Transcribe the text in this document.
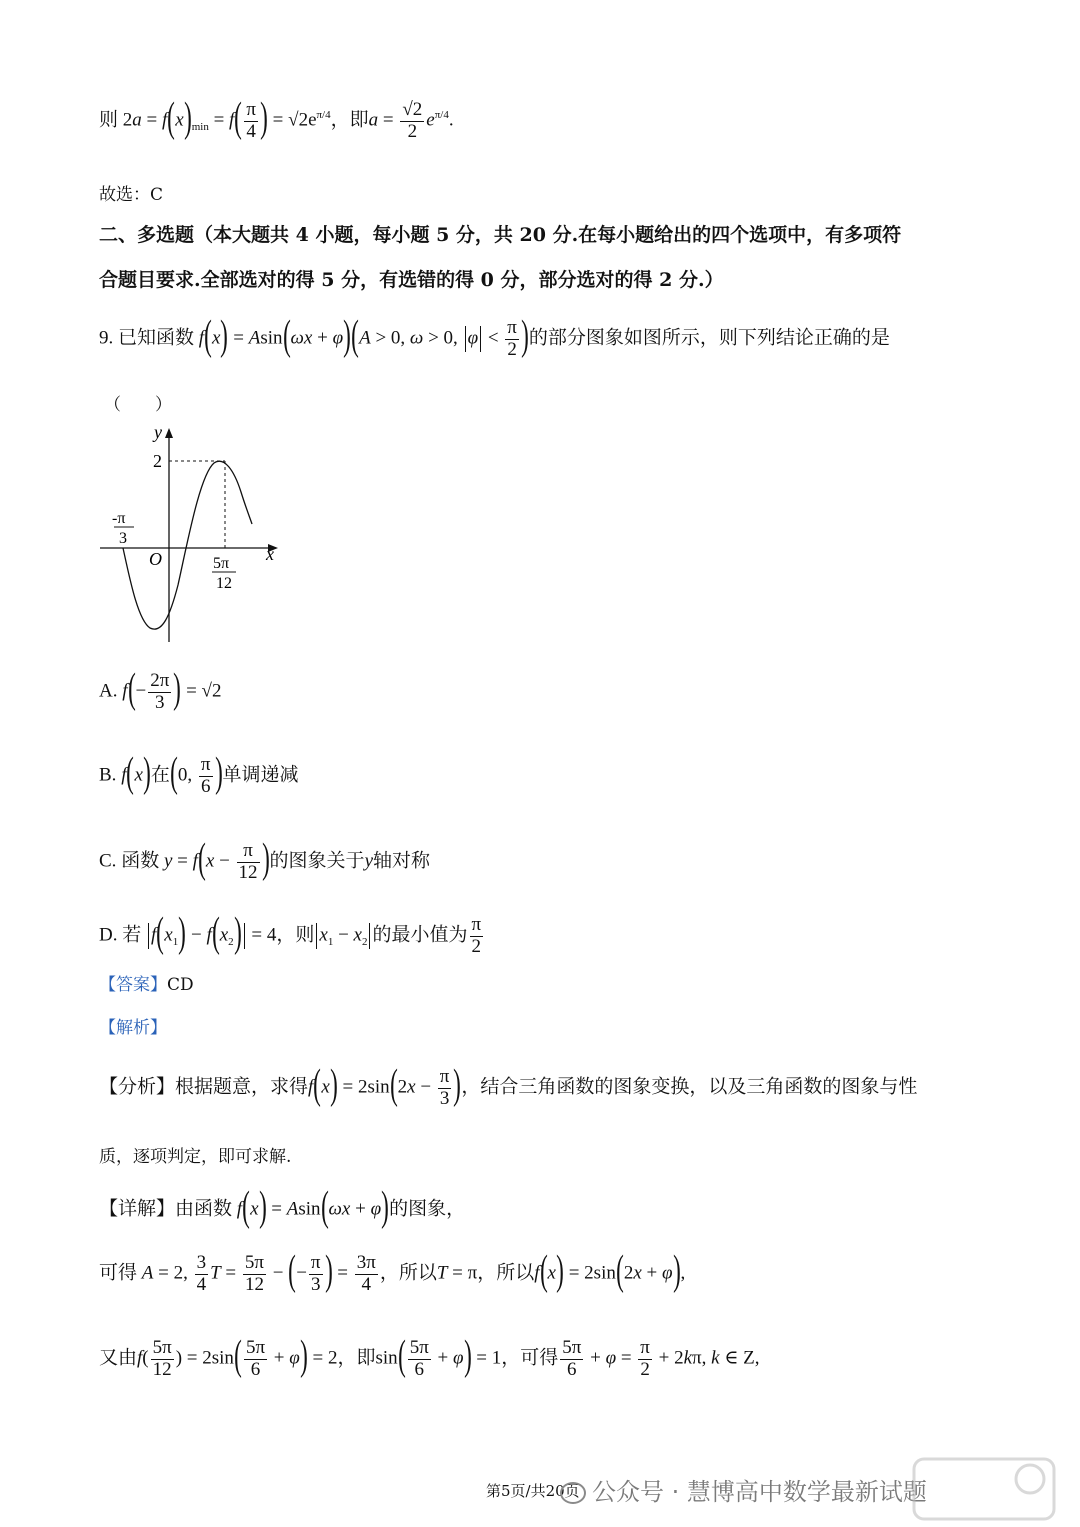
则 $2a = f(x)_{min} = f( \frac{\pi}{4}$ ) = $√2e^{\pi/4}$，即$a = \frac{√2}{2} e^{\pi/4}$.
故选：C
二、多选题（本大题共 4 小题，每小题 5 分，共 20 分.在每小题给出的四个选项中，有多项符
合题目要求.全部选对的得 5 分，有选错的得 0 分，部分选对的得 2 分.）
9. 已知函数 f(x) = Asin(ωx + φ)(A > 0, ω > 0, $\varphi < \frac{\pi}{2}$ )的部分图象如图所示，则下列结论正确的是
（　　）
y
x
O
2
-π
3
5π
12
A. $f(- \frac{2\pi}{3}$ ) = √2
B. f(x)在(0, $\frac{\pi}{6}$ )单调递减
C. 函数 $y = f(x - \frac{\pi}{12}$ )的图象关于y轴对称
D. 若 $f(x_1) - f(x_2) = 4$，则 $x_1 - x_2$ 的最小值为 $\frac{\pi}{2}$
【答案】CD
【解析】
【分析】根据题意，求得$f(x) = 2\sin(2x - \frac{\pi}{3}$ )，结合三角函数的图象变换，以及三角函数的图象与性
质，逐项判定，即可求解.
【详解】由函数 f(x) = Asin(ωx + φ)的图象，
可得 A = 2, $\frac{3}{4}$ $T = \frac{5\pi}{12}$ − (− $\frac{\pi}{3}$ ) = $\frac{3\pi}{4}$ ，所以T = π，所以f(x) = 2sin(2x + φ),
又由$f( \frac{5\pi}{12}$ ) = $2\sin( \frac{5\pi}{6} + \varphi) = 2$，即$\sin( \frac{5\pi}{6} + \varphi) = 1$，可得 $\frac{5\pi}{6} + \varphi = \frac{\pi}{2} + 2k\pi$, k ∈ Z,
第5页/共20页 公众号 · 慧博高中数学最新试题
